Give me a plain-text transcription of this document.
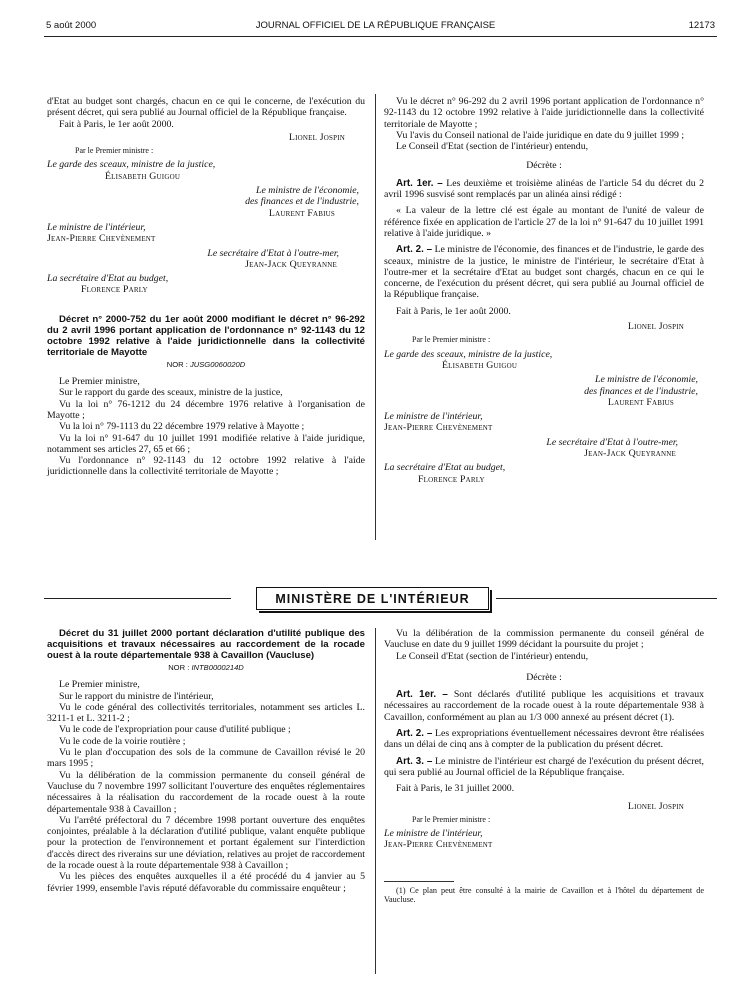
5 août 2000	JOURNAL OFFICIEL DE LA RÉPUBLIQUE FRANÇAISE	12173

d'Etat au budget sont chargés, chacun en ce qui le concerne, de l'exécution du présent décret, qui sera publié au Journal officiel de la République française.

Fait à Paris, le 1er août 2000.

Lionel Jospin
Par le Premier ministre :
Le garde des sceaux, ministre de la justice,
Élisabeth Guigou
Le ministre de l'économie,
des finances et de l'industrie,
Laurent Fabius
Le ministre de l'intérieur,
Jean-Pierre Chevènement
Le secrétaire d'Etat à l'outre-mer,
Jean-Jack Queyranne
La secrétaire d'Etat au budget,
Florence Parly

Décret n° 2000-752 du 1er août 2000 modifiant le décret n° 96-292 du 2 avril 1996 portant application de l'ordonnance n° 92-1143 du 12 octobre 1992 relative à l'aide juridictionnelle dans la collectivité territoriale de Mayotte

NOR : JUSG0060020D

Le Premier ministre,

Sur le rapport du garde des sceaux, ministre de la justice,

Vu la loi n° 76-1212 du 24 décembre 1976 relative à l'organisation de Mayotte ;

Vu la loi n° 79-1113 du 22 décembre 1979 relative à Mayotte ;

Vu la loi n° 91-647 du 10 juillet 1991 modifiée relative à l'aide juridique, notamment ses articles 27, 65 et 66 ;

Vu l'ordonnance n° 92-1143 du 12 octobre 1992 relative à l'aide juridictionnelle dans la collectivité territoriale de Mayotte ;

Vu le décret n° 96-292 du 2 avril 1996 portant application de l'ordonnance n° 92-1143 du 12 octobre 1992 relative à l'aide juridictionnelle dans la collectivité territoriale de Mayotte ;

Vu l'avis du Conseil national de l'aide juridique en date du 9 juillet 1999 ;

Le Conseil d'Etat (section de l'intérieur) entendu,

Décrète :

Art. 1er. – Les deuxième et troisième alinéas de l'article 54 du décret du 2 avril 1996 susvisé sont remplacés par un alinéa ainsi rédigé :

« La valeur de la lettre clé est égale au montant de l'unité de valeur de référence fixée en application de l'article 27 de la loi n° 91-647 du 10 juillet 1991 relative à l'aide juridique. »

Art. 2. – Le ministre de l'économie, des finances et de l'industrie, le garde des sceaux, ministre de la justice, le ministre de l'intérieur, le secrétaire d'Etat à l'outre-mer et la secrétaire d'Etat au budget sont chargés, chacun en ce qui le concerne, de l'exécution du présent décret, qui sera publié au Journal officiel de la République française.

Fait à Paris, le 1er août 2000.

Lionel Jospin
Par le Premier ministre :
Le garde des sceaux, ministre de la justice,
Élisabeth Guigou
Le ministre de l'économie,
des finances et de l'industrie,
Laurent Fabius
Le ministre de l'intérieur,
Jean-Pierre Chevènement
Le secrétaire d'Etat à l'outre-mer,
Jean-Jack Queyranne
La secrétaire d'Etat au budget,
Florence Parly
MINISTÈRE DE L'INTÉRIEUR

Décret du 31 juillet 2000 portant déclaration d'utilité publique des acquisitions et travaux nécessaires au raccordement de la rocade ouest à la route départementale 938 à Cavaillon (Vaucluse)

NOR : INTB0000214D

Le Premier ministre,

Sur le rapport du ministre de l'intérieur,

Vu le code général des collectivités territoriales, notamment ses articles L. 3211-1 et L. 3211-2 ;

Vu le code de l'expropriation pour cause d'utilité publique ;

Vu le code de la voirie routière ;

Vu le plan d'occupation des sols de la commune de Cavaillon révisé le 20 mars 1995 ;

Vu la délibération de la commission permanente du conseil général de Vaucluse du 7 novembre 1997 sollicitant l'ouverture des enquêtes réglementaires nécessaires à la réalisation du raccordement de la rocade ouest à la route départementale 938 à Cavaillon ;

Vu l'arrêté préfectoral du 7 décembre 1998 portant ouverture des enquêtes conjointes, préalable à la déclaration d'utilité publique, valant enquête publique pour la protection de l'environnement et portant également sur l'interdiction d'accès direct des riverains sur une déviation, relatives au projet de raccordement de la rocade ouest à la route départementale 938 à Cavaillon ;

Vu les pièces des enquêtes auxquelles il a été procédé du 4 janvier au 5 février 1999, ensemble l'avis réputé défavorable du commissaire enquêteur ;

Vu la délibération de la commission permanente du conseil général de Vaucluse en date du 9 juillet 1999 décidant la poursuite du projet ;

Le Conseil d'Etat (section de l'intérieur) entendu,

Décrète :

Art. 1er. – Sont déclarés d'utilité publique les acquisitions et travaux nécessaires au raccordement de la rocade ouest à la route départementale 938 à Cavaillon, conformément au plan au 1/3 000 annexé au présent décret (1).

Art. 2. – Les expropriations éventuellement nécessaires devront être réalisées dans un délai de cinq ans à compter de la publication du présent décret.

Art. 3. – Le ministre de l'intérieur est chargé de l'exécution du présent décret, qui sera publié au Journal officiel de la République française.

Fait à Paris, le 31 juillet 2000.

Lionel Jospin
Par le Premier ministre :
Le ministre de l'intérieur,
Jean-Pierre Chevènement

(1) Ce plan peut être consulté à la mairie de Cavaillon et à l'hôtel du département de Vaucluse.
